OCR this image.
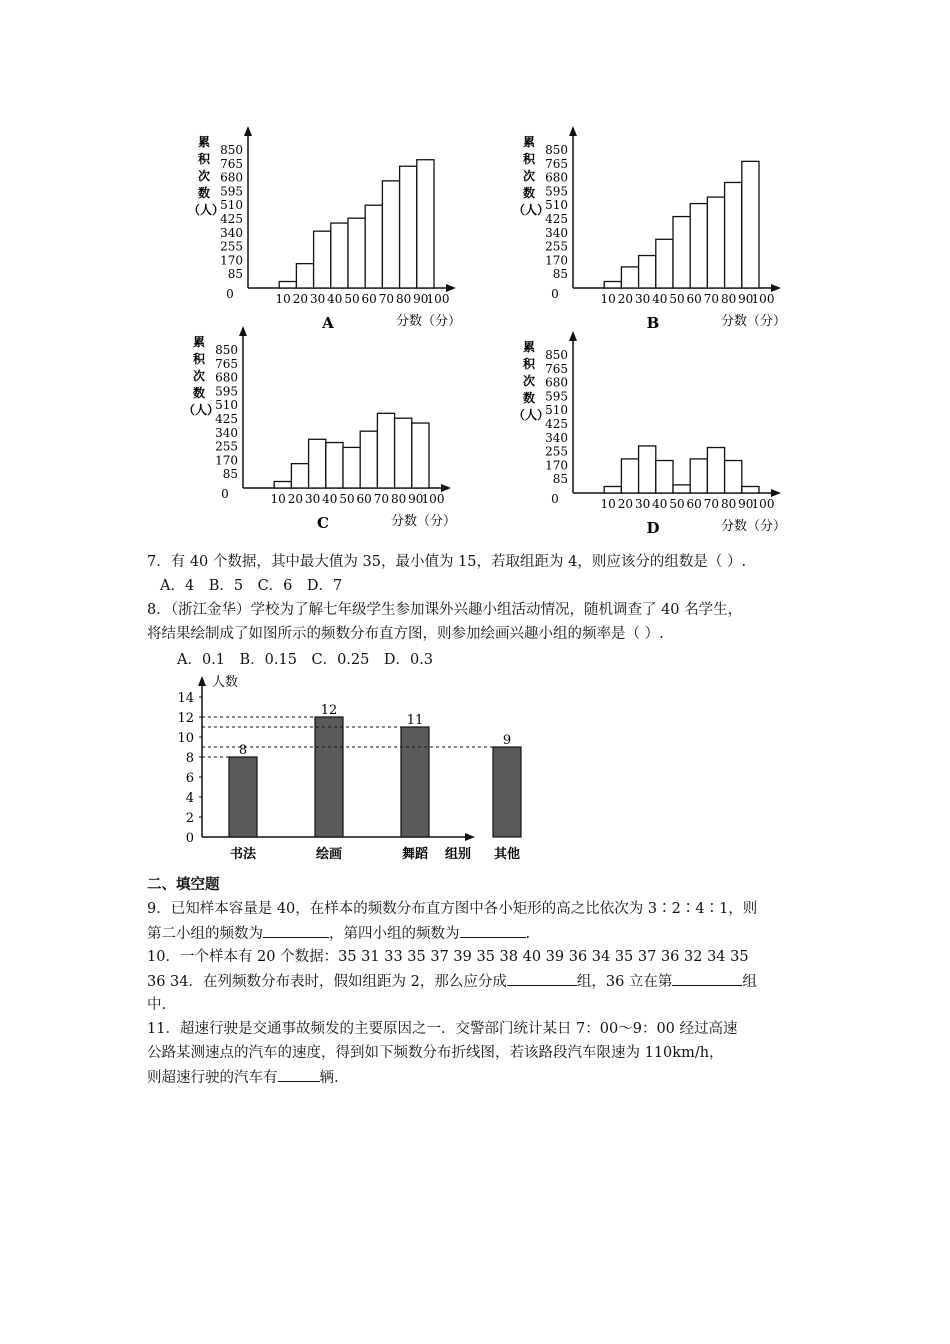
85
170
255
340
425
510
595
680
765
850
0	10 20 30 40 50 60 70 80 90
100
累
积
次
数
（人）
分数（分）
A
85
170
255
340
425
510
595
680
765
850
0	10 20 30 40 50 60 70 80 90
100
累
积
次
数
（人）
分数（分）
B
85
170
255
340
425
510
595
680
765
850
0	10 20 30 40 50 60 70 80 90
100
累
积
次
数
（人）
分数（分）
C
85
170
255
340
425
510
595
680
765
850
0	10 20 30 40 50 60 70 80 90
100
累
积
次
数
（人）
分数（分）
D
7．有 40 个数据，其中最大值为 35，最小值为 15，若取组距为 4，则应该分的组数是（ ）.
A．4　B．5　C．6　D．7
8．（浙江金华）学校为了解七年级学生参加课外兴趣小组活动情况，随机调查了 40 名学生，
将结果绘制成了如图所示的频数分布直方图，则参加绘画兴趣小组的频率是（ ）.
A．0.1　B．0.15　C．0.25　D．0.3
人数
0
2
4
6
8
10
12
14
8
书法
12
绘画
11
舞蹈
9
其他
组别
二、填空题
9．已知样本容量是 40，在样本的频数分布直方图中各小矩形的高之比依次为 3∶2∶4∶1，则
第二小组的频数为	，第四小组的频数为	.
10．一个样本有 20 个数据：35 31 33 35 37 39 35 38 40 39 36 34 35 37 36 32 34 35
36 34．在列频数分布表时，假如组距为 2，那么应分成	组，36 立在第	组
中.
11．超速行驶是交通事故频发的主要原因之一．交警部门统计某日 7：00～9：00 经过高速
公路某测速点的汽车的速度，得到如下频数分布折线图，若该路段汽车限速为 110km/h，
则超速行驶的汽车有	辆.
